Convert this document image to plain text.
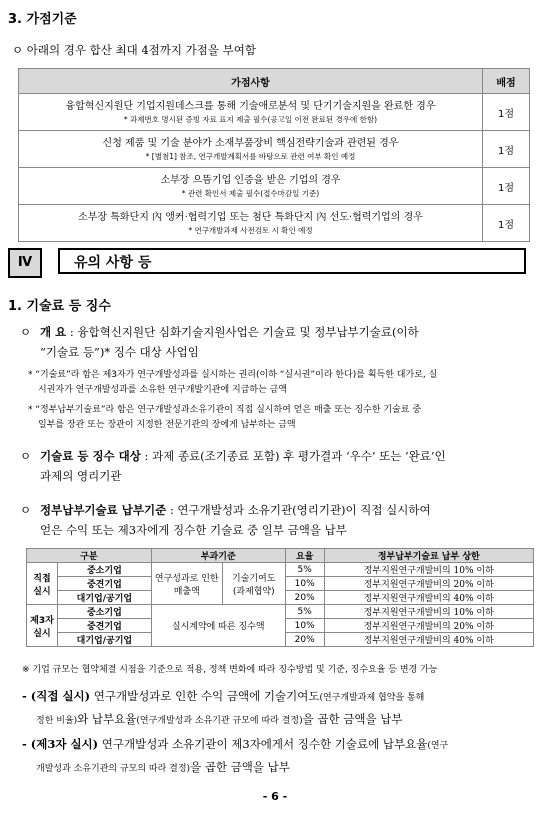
3. 가점기준
ㅇ 아래의 경우 합산 최대 4점까지 가점을 부여함
가점사항	배점

융합혁신지원단 기업지원데스크를 통해 기술애로분석 및 단기기술지원을 완료한 경우
* 과제번호 명시된 증빙 자료 표지 제출 필수(공고일 이전 완료된 경우에 한함)	1점

신청 제품 및 기술 분야가 소재부품장비 핵심전략기술과 관련된 경우
* [별첨1] 참조, 연구개발계획서를 바탕으로 관련 여부 확인 예정	1점

소부장 으뜸기업 인증을 받은 기업의 경우
* 관련 확인서 제출 필수(접수마감일 기준)	1점

소부장 특화단지 內 앵커·협력기업 또는 첨단 특화단지 內 선도·협력기업의 경우
* 연구개발과제 사전검토 시 확인 예정	1점
Ⅳ	유의 사항 등
1. 기술료 등 징수
ㅇ 개 요 : 융합혁신지원단 심화기술지원사업은 기술료 및 정부납부기술료(이하
“기술료 등”)* 징수 대상 사업임
* “기술료”라 함은 제3자가 연구개발성과를 실시하는 권리(이하 “실시권”이라 한다)를 획득한 대가로, 실
시권자가 연구개발성과를 소유한 연구개발기관에 지급하는 금액
* “정부납부기술료”라 함은 연구개발성과소유기관이 직접 실시하여 얻은 매출 또는 징수한 기술료 중
일부를 장관 또는 장관이 지정한 전문기관의 장에게 납부하는 금액
ㅇ 기술료 등 징수 대상 : 과제 종료(조기종료 포함) 후 평가결과 ‘우수’ 또는 ‘완료’인
과제의 영리기관
ㅇ 정부납부기술료 납부기준 : 연구개발성과 소유기관(영리기관)이 직접 실시하여
얻은 수익 또는 제3자에게 징수한 기술료 중 일부 금액을 납부
구분		부과기준		요율	정부납부기술료 납부 상한
직접 실시	중소기업	연구성과로 인한 매출액	기술기여도 (과제협약)	5%	정부지원연구개발비의 10% 이하
	중견기업			10%	정부지원연구개발비의 20% 이하
	대기업/공기업			20%	정부지원연구개발비의 40% 이하
제3자 실시	중소기업	실시계약에 따른 징수액		5%	정부지원연구개발비의 10% 이하
	중견기업			10%	정부지원연구개발비의 20% 이하
	대기업/공기업			20%	정부지원연구개발비의 40% 이하
※ 기업 규모는 협약체결 시점을 기준으로 적용, 정책 변화에 따라 징수방법 및 기준, 징수요율 등 변경 가능
- (직접 실시) 연구개발성과로 인한 수익 금액에 기술기여도(연구개발과제 협약을 통해
정한 비율)와 납부요율(연구개발성과 소유기관 규모에 따라 결정)을 곱한 금액을 납부
- (제3자 실시) 연구개발성과 소유기관이 제3자에게서 징수한 기술료에 납부요율(연구
개발성과 소유기관의 규모의 따라 결정)을 곱한 금액을 납부
- 6 -
